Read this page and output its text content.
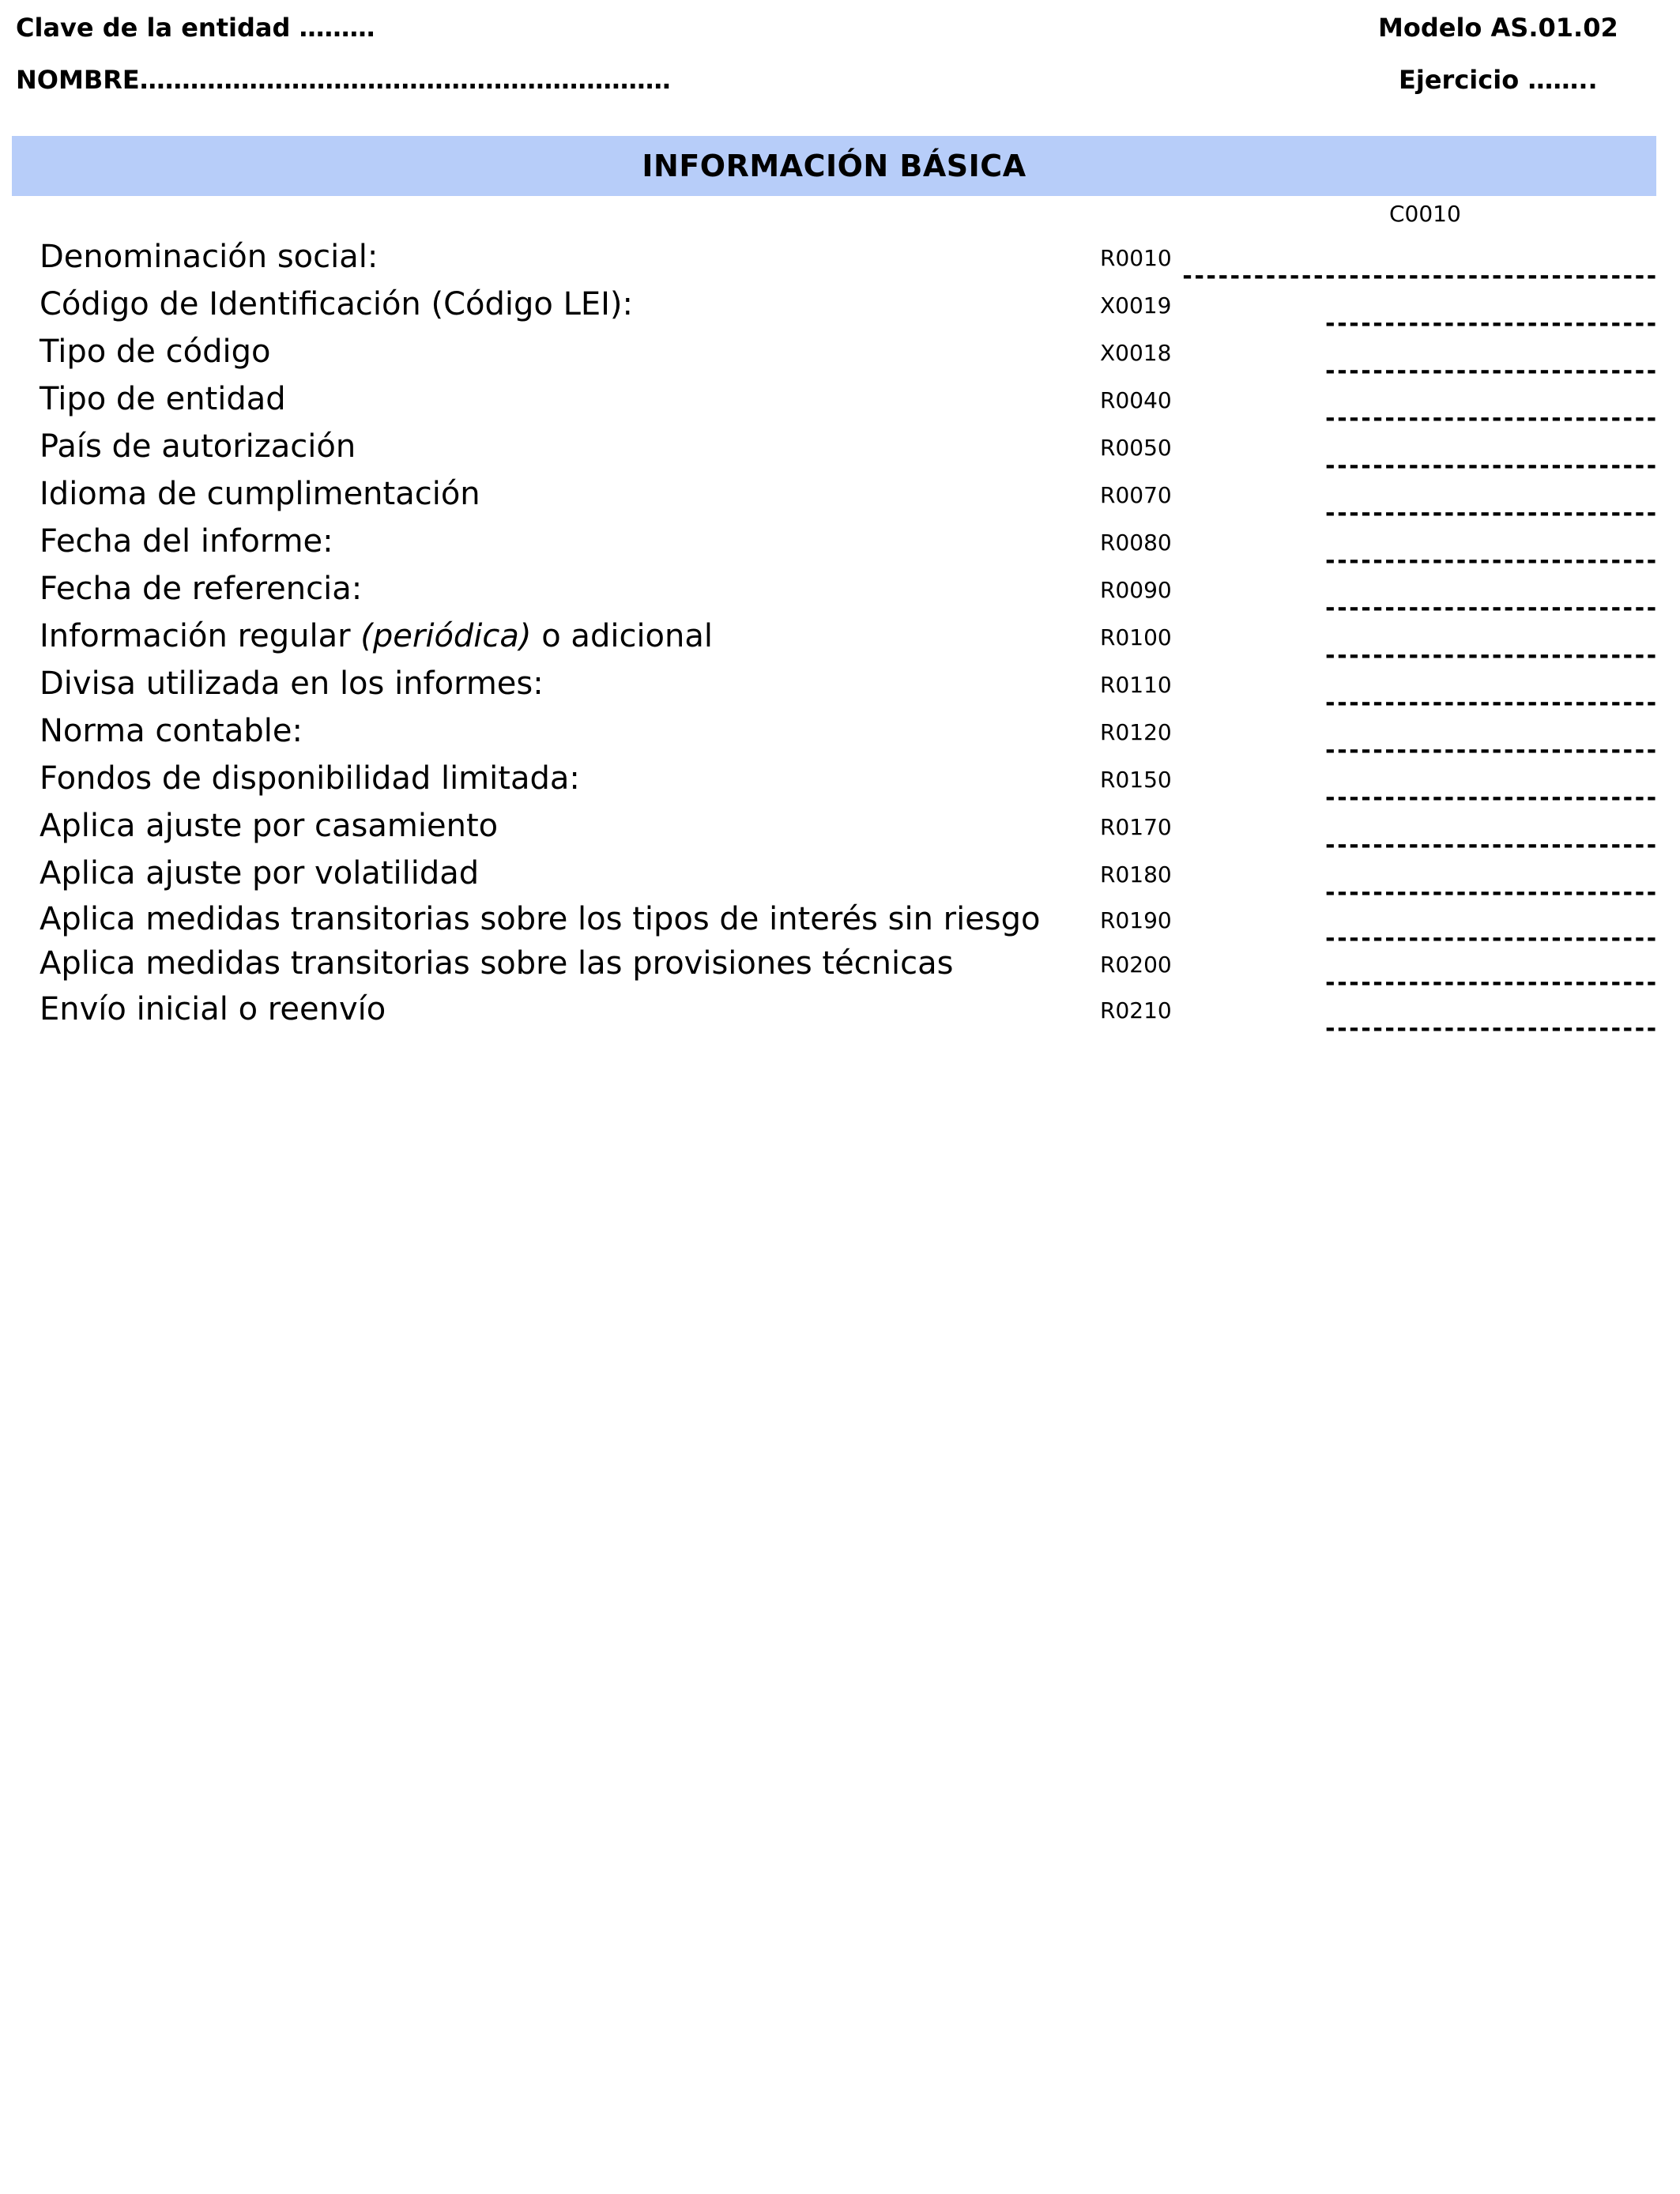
Clave de la entidad ………	Modelo AS.01.02
NOMBRE………………………………………………………	Ejercicio ……..
INFORMACIÓN BÁSICA
C0010
Denominación social:	R0010
----------------------------------------
Código de Identificación (Código LEI):	X0019
----------------------------
Tipo de código	X0018
----------------------------
Tipo de entidad	R0040
----------------------------
País de autorización	R0050
----------------------------
Idioma de cumplimentación	R0070
----------------------------
Fecha del informe:	R0080
----------------------------
Fecha de referencia:	R0090
----------------------------
Información regular (periódica) o adicional	R0100
----------------------------
Divisa utilizada en los informes:	R0110
----------------------------
Norma contable:	R0120
----------------------------
Fondos de disponibilidad limitada:	R0150
----------------------------
Aplica ajuste por casamiento	R0170
----------------------------
Aplica ajuste por volatilidad	R0180
----------------------------
Aplica medidas transitorias sobre los tipos de interés sin riesgo	R0190
----------------------------
Aplica medidas transitorias sobre las provisiones técnicas	R0200
----------------------------
Envío inicial o reenvío	R0210
----------------------------
